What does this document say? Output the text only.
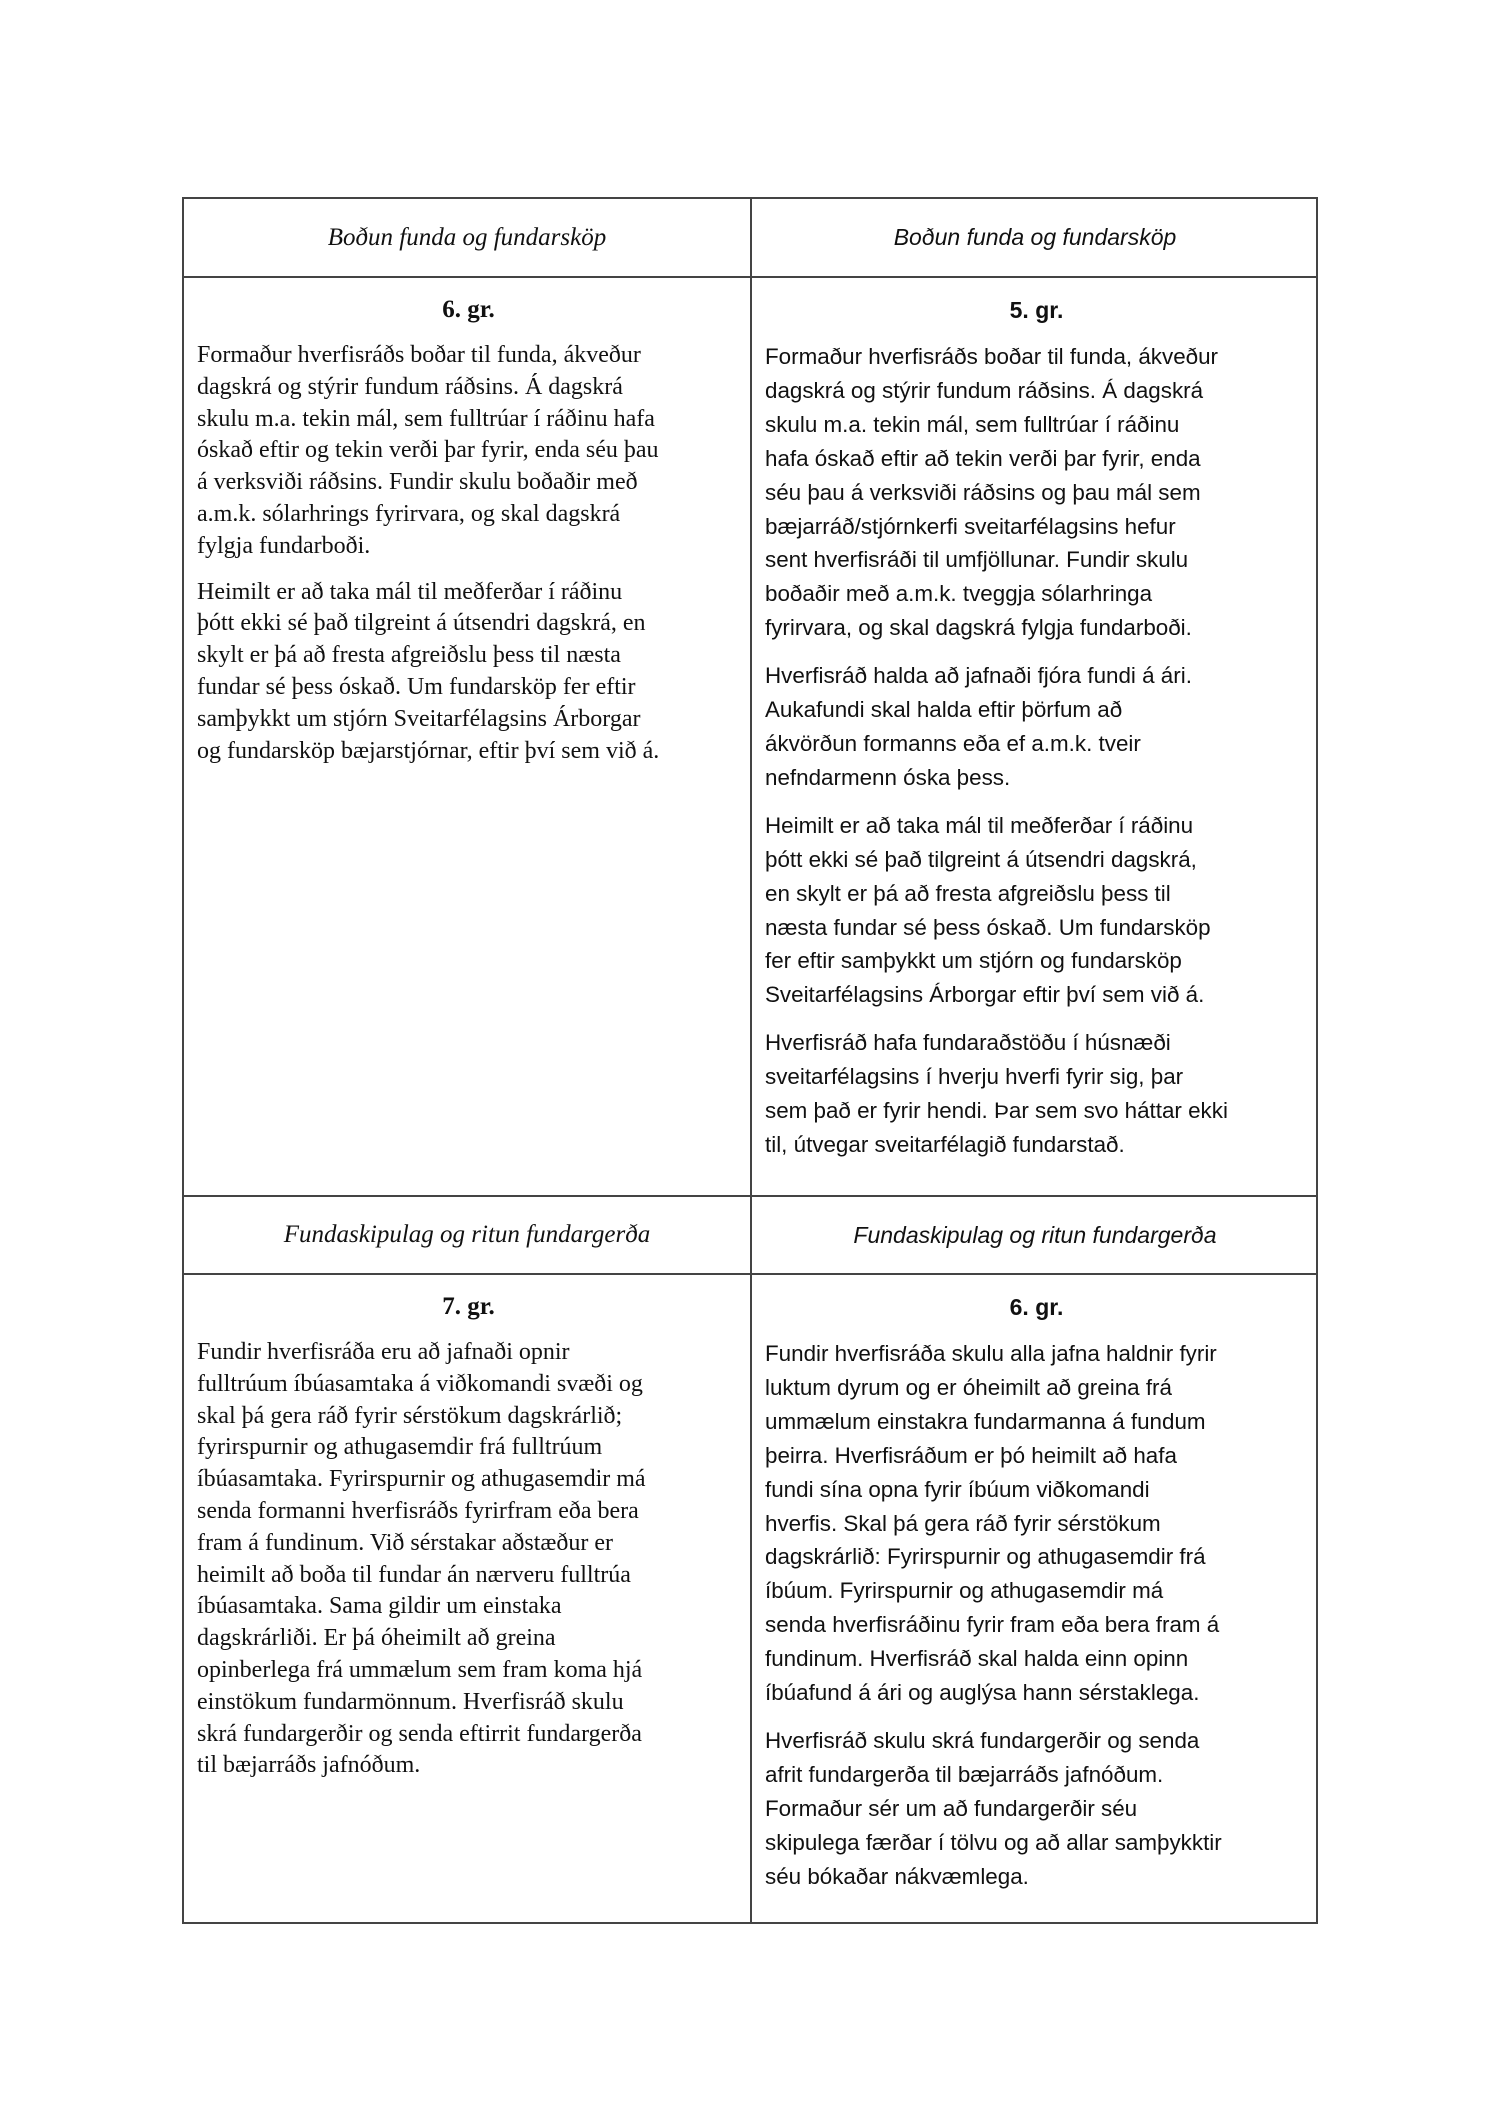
Boðun funda og fundarsköp	Boðun funda og fundarsköp
6. gr.
Formaður hverfisráðs boðar til funda, ákveður
dagskrá og stýrir fundum ráðsins. Á dagskrá
skulu m.a. tekin mál, sem fulltrúar í ráðinu hafa
óskað eftir og tekin verði þar fyrir, enda séu þau
á verksviði ráðsins. Fundir skulu boðaðir með
a.m.k. sólarhrings fyrirvara, og skal dagskrá
fylgja fundarboði.
Heimilt er að taka mál til meðferðar í ráðinu
þótt ekki sé það tilgreint á útsendri dagskrá, en
skylt er þá að fresta afgreiðslu þess til næsta
fundar sé þess óskað. Um fundarsköp fer eftir
samþykkt um stjórn Sveitarfélagsins Árborgar
og fundarsköp bæjarstjórnar, eftir því sem við á.
5. gr.
Formaður hverfisráðs boðar til funda, ákveður
dagskrá og stýrir fundum ráðsins. Á dagskrá
skulu m.a. tekin mál, sem fulltrúar í ráðinu
hafa óskað eftir að tekin verði þar fyrir, enda
séu þau á verksviði ráðsins og þau mál sem
bæjarráð/stjórnkerfi sveitarfélagsins hefur
sent hverfisráði til umfjöllunar. Fundir skulu
boðaðir með a.m.k. tveggja sólarhringa
fyrirvara, og skal dagskrá fylgja fundarboði.
Hverfisráð halda að jafnaði fjóra fundi á ári.
Aukafundi skal halda eftir þörfum að
ákvörðun formanns eða ef a.m.k. tveir
nefndarmenn óska þess.
Heimilt er að taka mál til meðferðar í ráðinu
þótt ekki sé það tilgreint á útsendri dagskrá,
en skylt er þá að fresta afgreiðslu þess til
næsta fundar sé þess óskað. Um fundarsköp
fer eftir samþykkt um stjórn og fundarsköp
Sveitarfélagsins Árborgar eftir því sem við á.
Hverfisráð hafa fundaraðstöðu í húsnæði
sveitarfélagsins í hverju hverfi fyrir sig, þar
sem það er fyrir hendi. Þar sem svo háttar ekki
til, útvegar sveitarfélagið fundarstað.
Fundaskipulag og ritun fundargerða	Fundaskipulag og ritun fundargerða
7. gr.
Fundir hverfisráða eru að jafnaði opnir
fulltrúum íbúasamtaka á viðkomandi svæði og
skal þá gera ráð fyrir sérstökum dagskrárlið;
fyrirspurnir og athugasemdir frá fulltrúum
íbúasamtaka. Fyrirspurnir og athugasemdir má
senda formanni hverfisráðs fyrirfram eða bera
fram á fundinum. Við sérstakar aðstæður er
heimilt að boða til fundar án nærveru fulltrúa
íbúasamtaka. Sama gildir um einstaka
dagskrárliði. Er þá óheimilt að greina
opinberlega frá ummælum sem fram koma hjá
einstökum fundarmönnum. Hverfisráð skulu
skrá fundargerðir og senda eftirrit fundargerða
til bæjarráðs jafnóðum.
6. gr.
Fundir hverfisráða skulu alla jafna haldnir fyrir
luktum dyrum og er óheimilt að greina frá
ummælum einstakra fundarmanna á fundum
þeirra. Hverfisráðum er þó heimilt að hafa
fundi sína opna fyrir íbúum viðkomandi
hverfis. Skal þá gera ráð fyrir sérstökum
dagskrárlið: Fyrirspurnir og athugasemdir frá
íbúum. Fyrirspurnir og athugasemdir má
senda hverfisráðinu fyrir fram eða bera fram á
fundinum. Hverfisráð skal halda einn opinn
íbúafund á ári og auglýsa hann sérstaklega.
Hverfisráð skulu skrá fundargerðir og senda
afrit fundargerða til bæjarráðs jafnóðum.
Formaður sér um að fundargerðir séu
skipulega færðar í tölvu og að allar samþykktir
séu bókaðar nákvæmlega.
